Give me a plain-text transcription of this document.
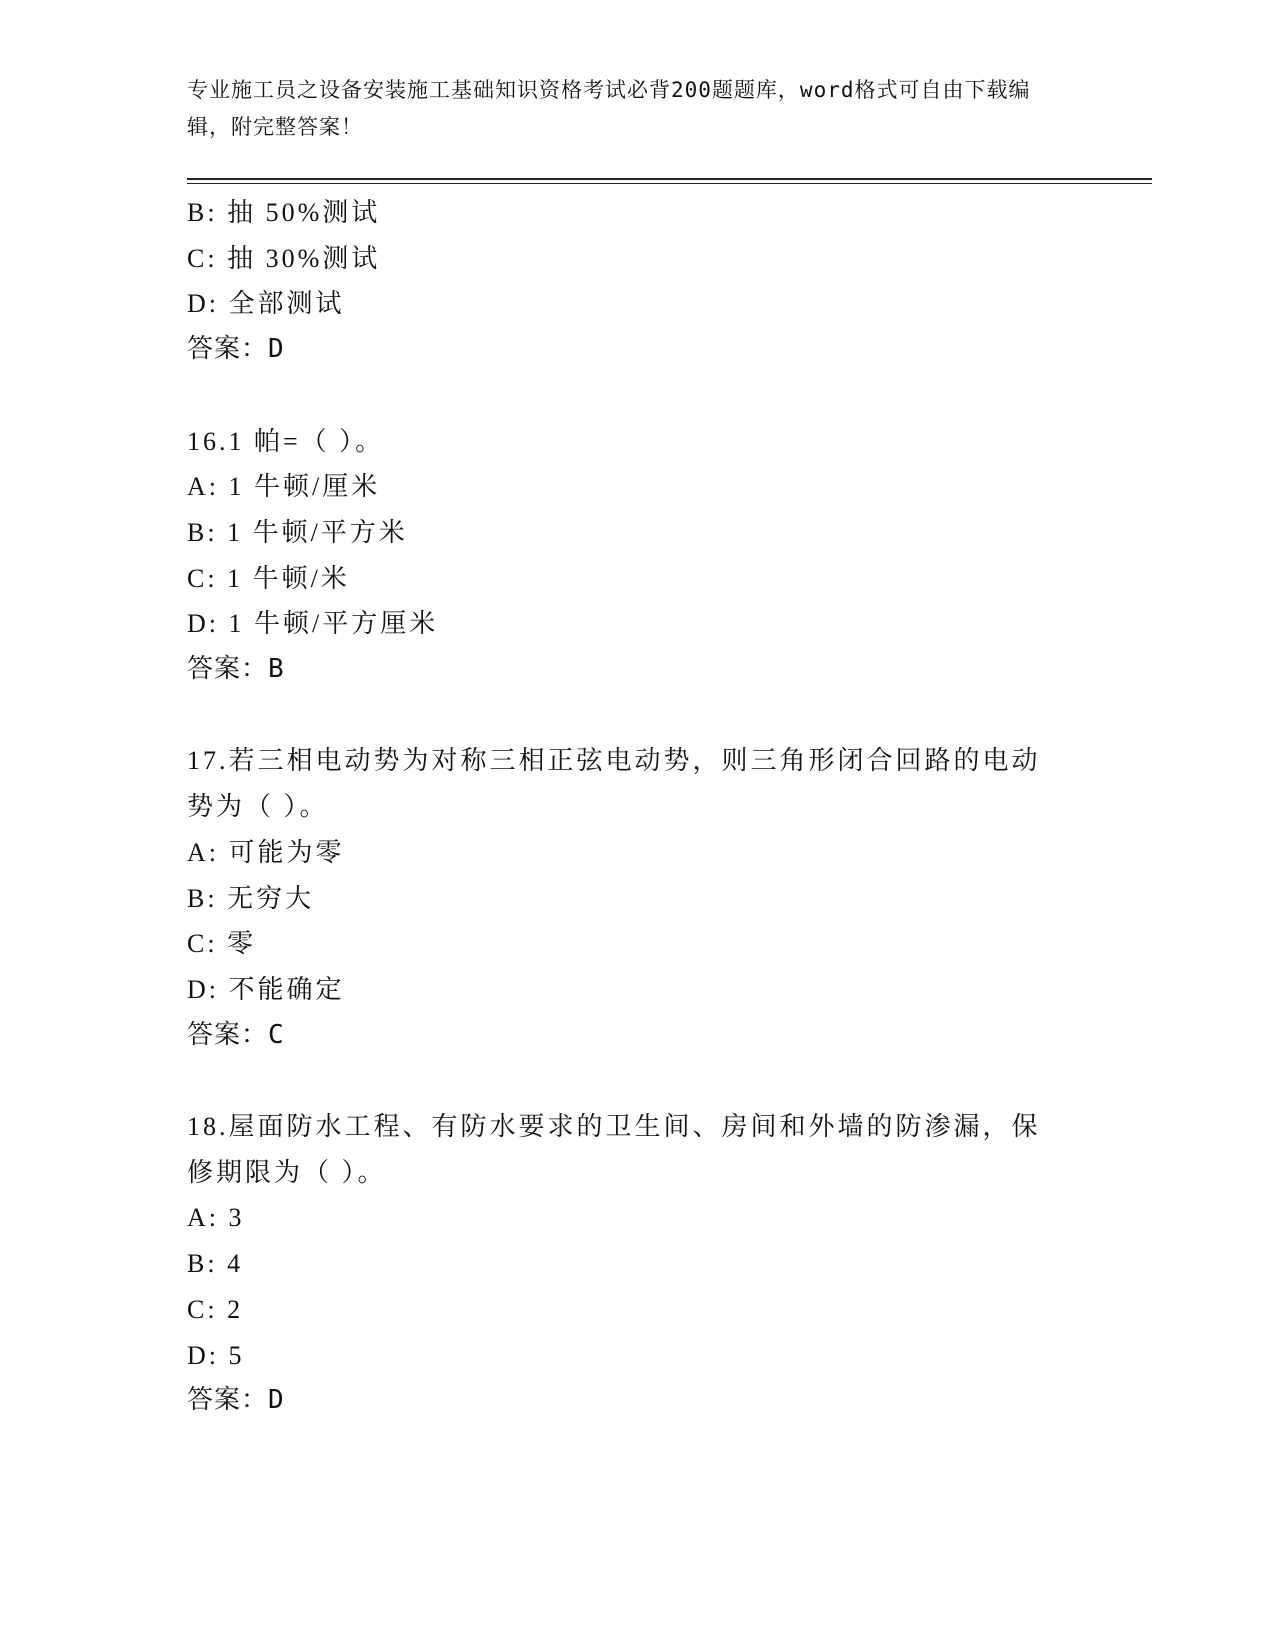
专业施工员之设备安装施工基础知识资格考试必背200题题库，word格式可自由下载编辑，附完整答案！
B: 抽 50%测试
C: 抽 30%测试
D: 全部测试
答案：D
16.1 帕=（ ）。
A: 1 牛顿/厘米
B: 1 牛顿/平方米
C: 1 牛顿/米
D: 1 牛顿/平方厘米
答案：B
17.若三相电动势为对称三相正弦电动势，则三角形闭合回路的电动势为（ ）。
A: 可能为零
B: 无穷大
C: 零
D: 不能确定
答案：C
18.屋面防水工程、有防水要求的卫生间、房间和外墙的防渗漏，保修期限为（ ）。
A: 3
B: 4
C: 2
D: 5
答案：D
